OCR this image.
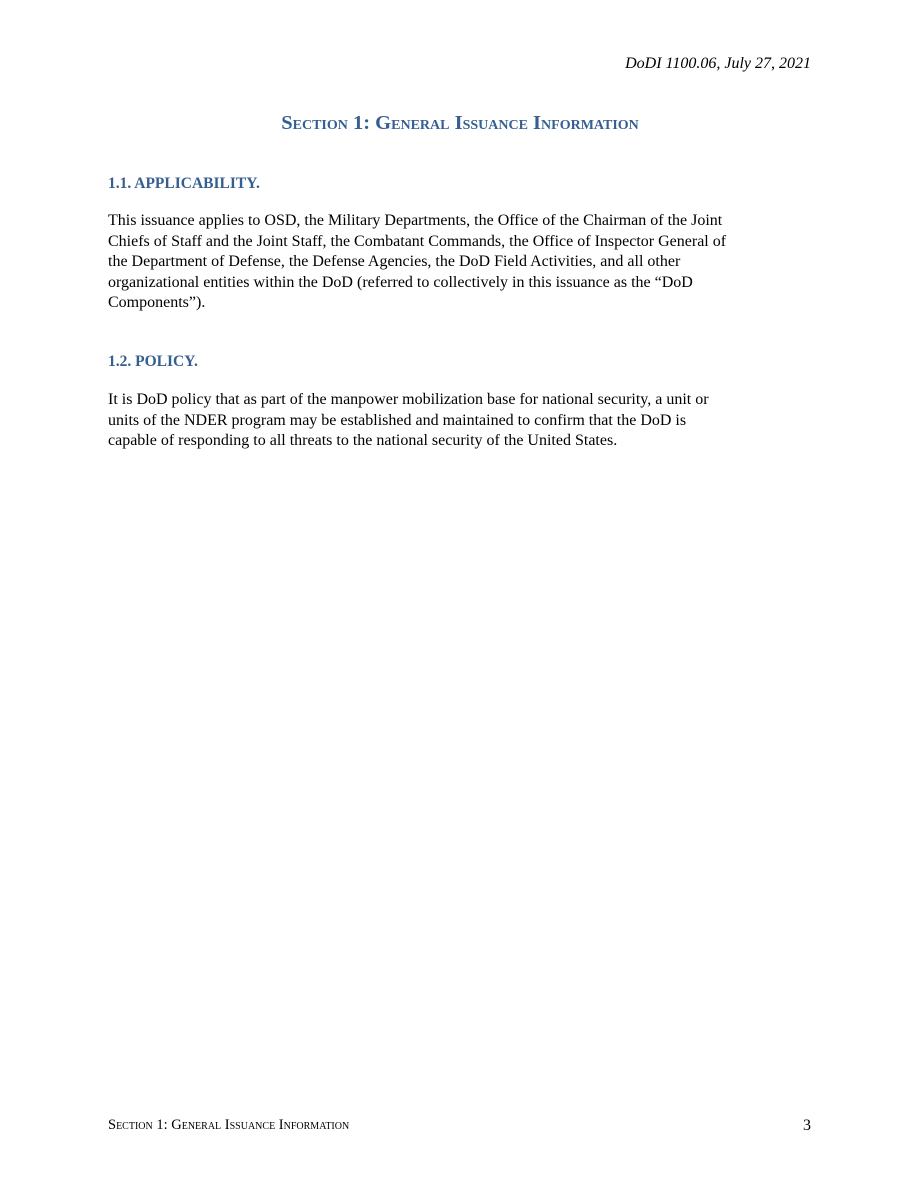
DoDI 1100.06, July 27, 2021
Section 1: General Issuance Information
1.1. APPLICABILITY.
This issuance applies to OSD, the Military Departments, the Office of the Chairman of the Joint
Chiefs of Staff and the Joint Staff, the Combatant Commands, the Office of Inspector General of
the Department of Defense, the Defense Agencies, the DoD Field Activities, and all other
organizational entities within the DoD (referred to collectively in this issuance as the “DoD
Components”).
1.2. POLICY.
It is DoD policy that as part of the manpower mobilization base for national security, a unit or
units of the NDER program may be established and maintained to confirm that the DoD is
capable of responding to all threats to the national security of the United States.
Section 1: General Issuance Information	3
